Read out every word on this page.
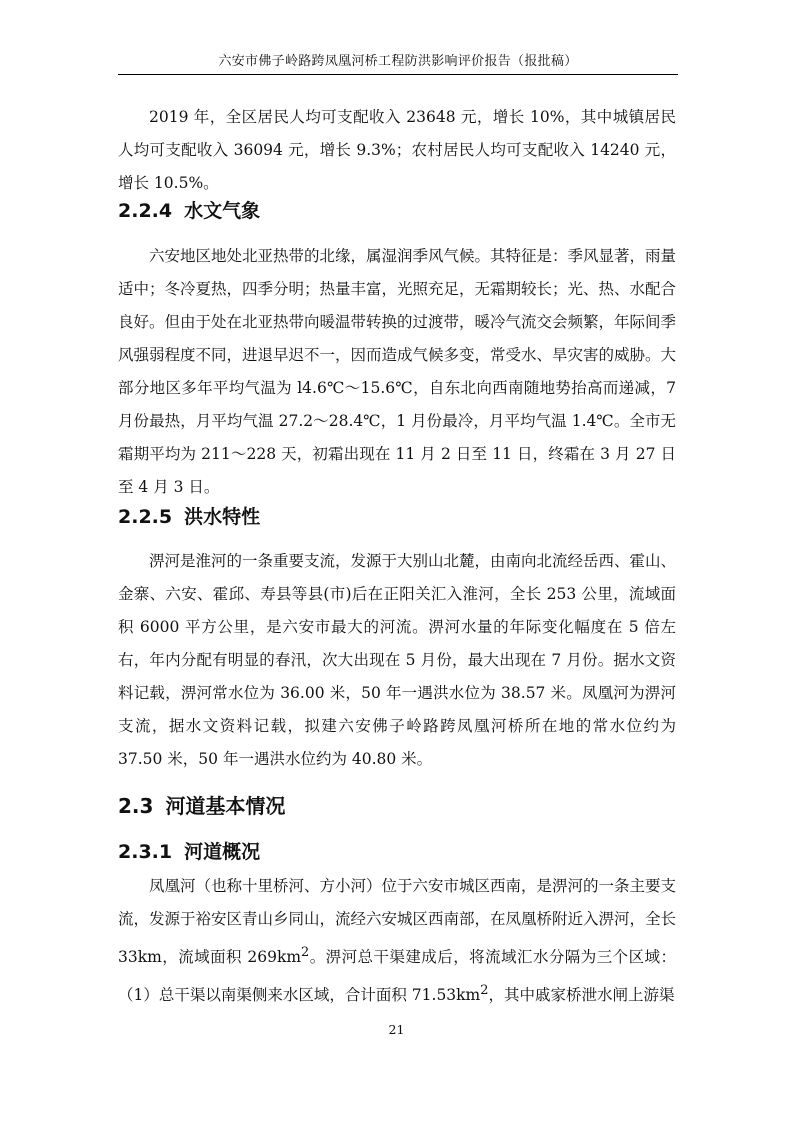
六安市佛子岭路跨凤凰河桥工程防洪影响评价报告（报批稿）
2019 年，全区居民人均可支配收入 23648 元，增长 10%，其中城镇居民人均可支配收入 36094 元，增长 9.3%；农村居民人均可支配收入 14240 元，增长 10.5%。
2.2.4 水文气象
六安地区地处北亚热带的北缘，属湿润季风气候。其特征是：季风显著，雨量适中；冬冷夏热，四季分明；热量丰富，光照充足，无霜期较长；光、热、水配合良好。但由于处在北亚热带向暖温带转换的过渡带，暖冷气流交会频繁，年际间季风强弱程度不同，进退早迟不一，因而造成气候多变，常受水、旱灾害的威胁。大部分地区多年平均气温为 l4.6℃～15.6℃，自东北向西南随地势抬高而递减，7 月份最热，月平均气温 27.2～28.4℃，1 月份最冷，月平均气温 1.4℃。全市无霜期平均为 211～228 天，初霜出现在 11 月 2 日至 11 日，终霜在 3 月 27 日至 4 月 3 日。
2.2.5 洪水特性
淠河是淮河的一条重要支流，发源于大别山北麓，由南向北流经岳西、霍山、金寨、六安、霍邱、寿县等县(市)后在正阳关汇入淮河，全长 253 公里，流域面积 6000 平方公里，是六安市最大的河流。淠河水量的年际变化幅度在 5 倍左右，年内分配有明显的春汛，次大出现在 5 月份，最大出现在 7 月份。据水文资料记载，淠河常水位为 36.00 米，50 年一遇洪水位为 38.57 米。凤凰河为淠河支流，据水文资料记载，拟建六安佛子岭路跨凤凰河桥所在地的常水位约为 37.50 米，50 年一遇洪水位约为 40.80 米。
2.3 河道基本情况
2.3.1 河道概况
凤凰河（也称十里桥河、方小河）位于六安市城区西南，是淠河的一条主要支流，发源于裕安区青山乡同山，流经六安城区西南部，在凤凰桥附近入淠河，全长 33km，流域面积 $269km^2$。淠河总干渠建成后，将流域汇水分隔为三个区域：（1）总干渠以南渠侧来水区域，合计面积 $71.53km^2$，其中戚家桥泄水闸上游渠
21
